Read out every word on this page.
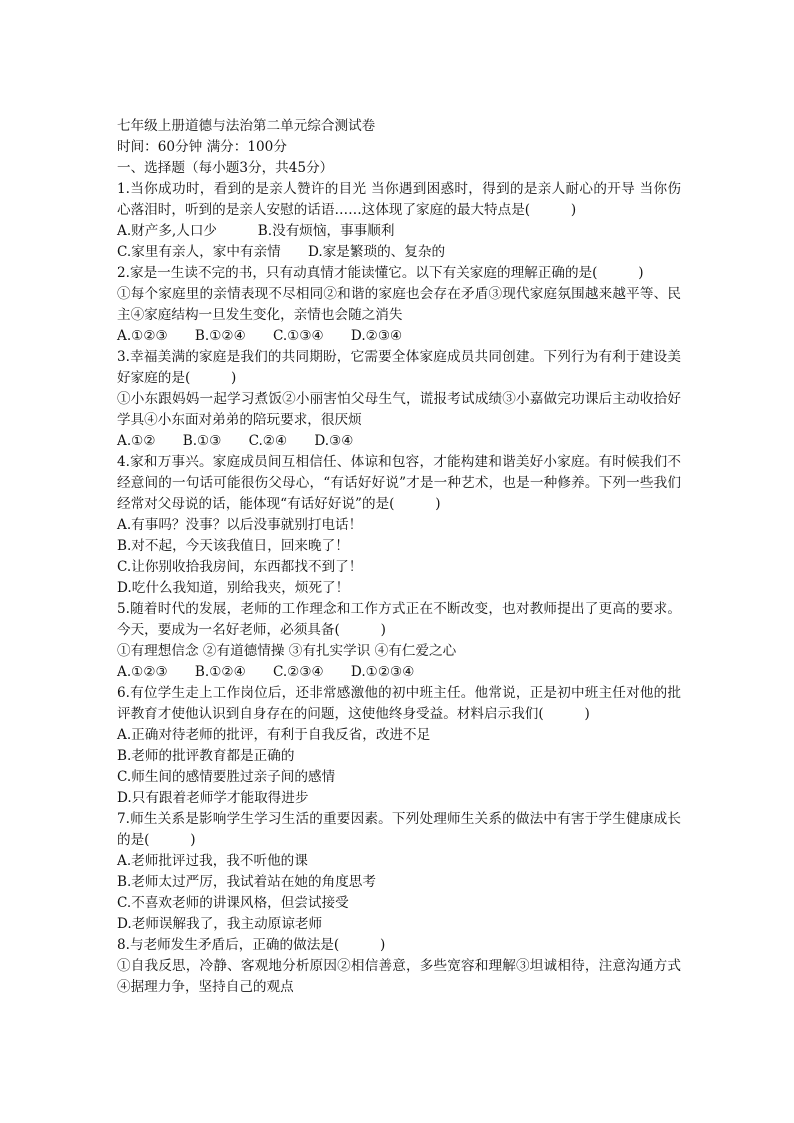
七年级上册道德与法治第二单元综合测试卷
时间：60分钟 满分：100分
一、选择题（每小题3分，共45分）
1.当你成功时，看到的是亲人赞许的目光 当你遇到困惑时，得到的是亲人耐心的开导 当你伤心落泪时，听到的是亲人安慰的话语……这体现了家庭的最大特点是(　　　)
A.财产多,人口少　　　B.没有烦恼，事事顺利
C.家里有亲人，家中有亲情　　D.家是繁琐的、复杂的
2.家是一生读不完的书，只有动真情才能读懂它。以下有关家庭的理解正确的是(　　　)
①每个家庭里的亲情表现不尽相同②和谐的家庭也会存在矛盾③现代家庭氛围越来越平等、民主④家庭结构一旦发生变化，亲情也会随之消失
A.①②③　　B.①②④　　C.①③④　　D.②③④
3.幸福美满的家庭是我们的共同期盼，它需要全体家庭成员共同创建。下列行为有利于建设美好家庭的是(　　　)
①小东跟妈妈一起学习煮饭②小丽害怕父母生气，谎报考试成绩③小嘉做完功课后主动收拾好学具④小东面对弟弟的陪玩要求，很厌烦
A.①②　　B.①③　　C.②④　　D.③④
4.家和万事兴。家庭成员间互相信任、体谅和包容，才能构建和谐美好小家庭。有时候我们不经意间的一句话可能很伤父母心，“有话好好说”才是一种艺术，也是一种修养。下列一些我们经常对父母说的话，能体现“有话好好说”的是(　　　)
A.有事吗？没事？以后没事就别打电话！
B.对不起，今天该我值日，回来晚了！
C.让你别收拾我房间，东西都找不到了！
D.吃什么我知道，别给我夹，烦死了！
5.随着时代的发展，老师的工作理念和工作方式正在不断改变，也对教师提出了更高的要求。今天，要成为一名好老师，必须具备(　　　)
①有理想信念 ②有道德情操 ③有扎实学识 ④有仁爱之心
A.①②③　　B.①②④　　C.②③④　　D.①②③④
6.有位学生走上工作岗位后，还非常感激他的初中班主任。他常说，正是初中班主任对他的批评教育才使他认识到自身存在的问题，这使他终身受益。材料启示我们(　　　)
A.正确对待老师的批评，有利于自我反省，改进不足
B.老师的批评教育都是正确的
C.师生间的感情要胜过亲子间的感情
D.只有跟着老师学才能取得进步
7.师生关系是影响学生学习生活的重要因素。下列处理师生关系的做法中有害于学生健康成长的是(　　　)
A.老师批评过我，我不听他的课
B.老师太过严厉，我试着站在她的角度思考
C.不喜欢老师的讲课风格，但尝试接受
D.老师误解我了，我主动原谅老师
8.与老师发生矛盾后，正确的做法是(　　　)
①自我反思，冷静、客观地分析原因②相信善意，多些宽容和理解③坦诚相待，注意沟通方式④据理力争，坚持自己的观点
